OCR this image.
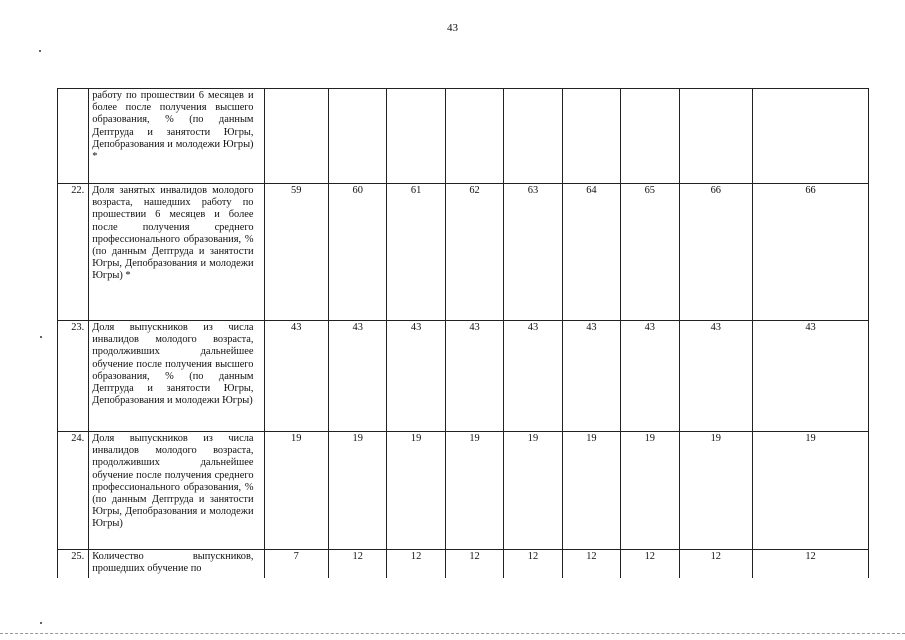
43
	работу по прошествии 6 месяцев и более после получения высшего образования, % (по данным Дептруда и занятости Югры, Депобразования и молодежи Югры) *									
22.	Доля занятых инвалидов молодого возраста, нашедших работу по прошествии 6 месяцев и более после получения среднего профессионального образования, % (по данным Дептруда и занятости Югры, Депобразования и молодежи Югры) *	59	60	61	62	63	64	65	66	66
23.	Доля выпускников из числа инвалидов молодого возраста, продолживших дальнейшее обучение после получения высшего образования, % (по данным Дептруда и занятости Югры, Депобразования и молодежи Югры)	43	43	43	43	43	43	43	43	43
24.	Доля выпускников из числа инвалидов молодого возраста, продолживших дальнейшее обучение после получения среднего профессионального образования, % (по данным Дептруда и занятости Югры, Депобразования и молодежи Югры)	19	19	19	19	19	19	19	19	19
25.	Количество выпускников, прошедших обучение по	7	12	12	12	12	12	12	12	12
